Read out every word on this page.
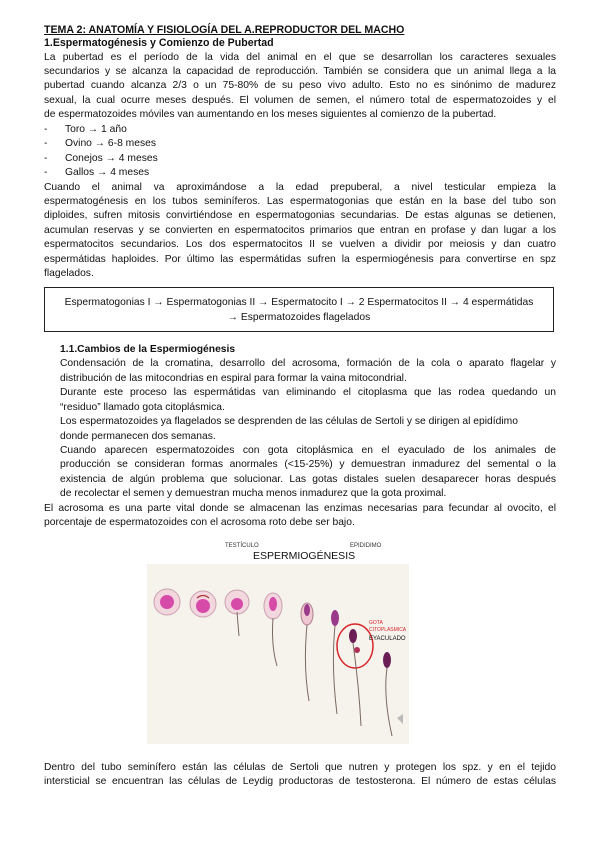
TEMA 2: ANATOMÍA Y FISIOLOGÍA DEL A.REPRODUCTOR DEL MACHO
1.Espermatogénesis y Comienzo de Pubertad
La pubertad es el período de la vida del animal en el que se desarrollan los caracteres sexuales
secundarios y se alcanza la capacidad de reproducción. También se considera que un animal llega a la
pubertad cuando alcanza 2/3 o un 75-80% de su peso vivo adulto. Esto no es sinónimo de madurez
sexual, la cual ocurre meses después. El volumen de semen, el número total de espermatozoides y el
de espermatozoides móviles van aumentando en los meses siguientes al comienzo de la pubertad.
- Toro → 1 año
- Ovino → 6-8 meses
- Conejos → 4 meses
- Gallos → 4 meses
Cuando el animal va aproximándose a la edad prepuberal, a nivel testicular empieza la
espermatogénesis en los tubos seminíferos. Las espermatogonias que están en la base del tubo son
diploides, sufren mitosis convirtiéndose en espermatogonias secundarias. De estas algunas se detienen,
acumulan reservas y se convierten en espermatocitos primarios que entran en profase y dan lugar a los
espermatocitos secundarios. Los dos espermatocitos II se vuelven a dividir por meiosis y dan cuatro
espermátidas haploides. Por último las espermátidas sufren la espermiogénesis para convertirse en spz
flagelados.
Espermatogonias I → Espermatogonias II → Espermatocito I → 2 Espermatocitos II → 4 espermátidas
→ Espermatozoides flagelados
1.1.Cambios de la Espermiogénesis
Condensación de la cromatina, desarrollo del acrosoma, formación de la cola o aparato flagelar y
distribución de las mitocondrias en espiral para formar la vaina mitocondrial.
Durante este proceso las espermátidas van eliminando el citoplasma que las rodea quedando un
“residuo” llamado gota citoplásmica.
Los espermatozoides ya flagelados se desprenden de las células de Sertoli y se dirigen al epidídimo
donde permanecen dos semanas.
Cuando aparecen espermatozoides con gota citoplásmica en el eyaculado de los animales de
producción se consideran formas anormales (<15-25%) y demuestran inmadurez del semental o la
existencia de algún problema que solucionar. Las gotas distales suelen desaparecer horas después
de recolectar el semen y demuestran mucha menos inmadurez que la gota proximal.
El acrosoma es una parte vital donde se almacenan las enzimas necesarias para fecundar al ovocito, el
porcentaje de espermatozoides con el acrosoma roto debe ser bajo.
TESTÍCULO
ESPERMIOGÉNESIS
EPIDIDIMO
GOTA
CITOPLASMICA
EYACULADO
Dentro del tubo seminífero están las células de Sertoli que nutren y protegen los spz. y en el tejido
intersticial se encuentran las células de Leydig productoras de testosterona. El número de estas células
